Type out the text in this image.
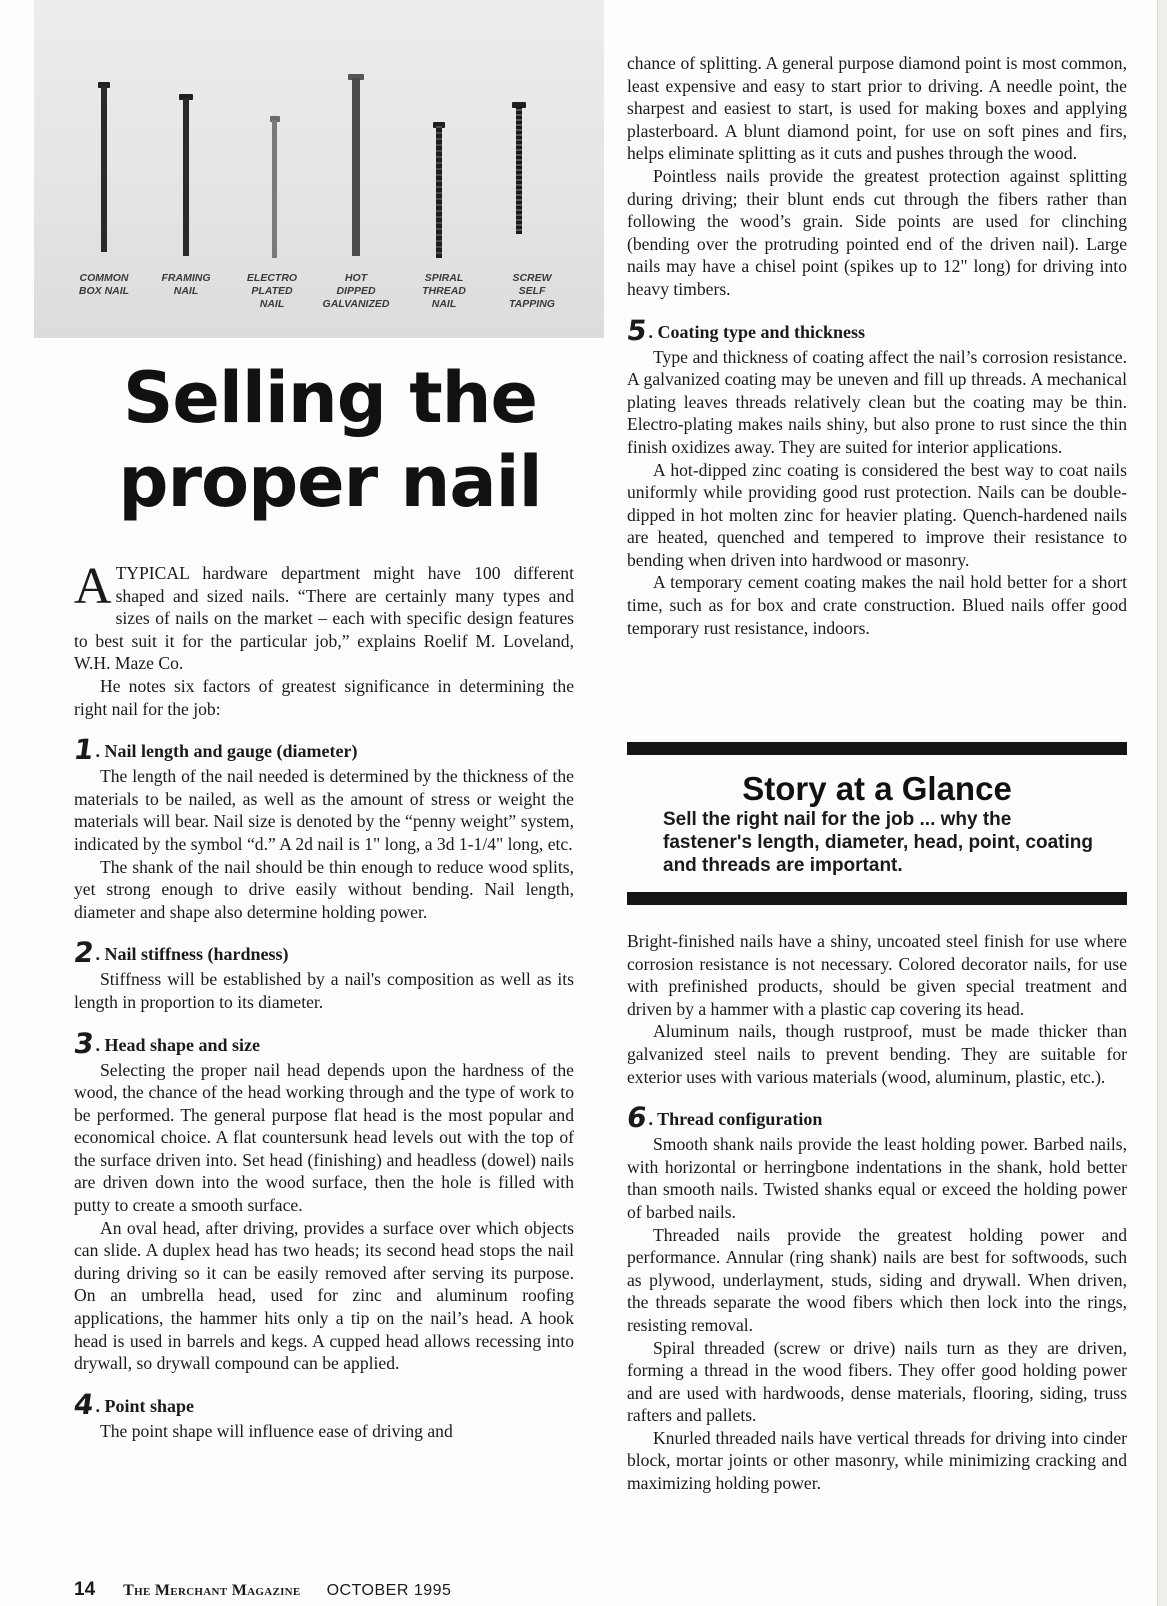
COMMON
BOX NAIL
FRAMING
NAIL
ELECTRO
PLATED
NAIL
HOT
DIPPED
GALVANIZED
SPIRAL
THREAD
NAIL
SCREW
SELF
TAPPING
Selling the proper nail

ATYPICAL hardware department might have 100 different shaped and sized nails. “There are certainly many types and sizes of nails on the market – each with specific design features to best suit it for the particular job,” explains Roelif M. Loveland, W.H. Maze Co.

He notes six factors of greatest significance in determining the right nail for the job:

1. Nail length and gauge (diameter)

The length of the nail needed is determined by the thickness of the materials to be nailed, as well as the amount of stress or weight the materials will bear. Nail size is denoted by the “penny weight” system, indicated by the symbol “d.” A 2d nail is 1" long, a 3d 1-1/4" long, etc.

The shank of the nail should be thin enough to reduce wood splits, yet strong enough to drive easily without bending. Nail length, diameter and shape also determine holding power.

2. Nail stiffness (hardness)

Stiffness will be established by a nail's composition as well as its length in proportion to its diameter.

3. Head shape and size

Selecting the proper nail head depends upon the hardness of the wood, the chance of the head working through and the type of work to be performed. The general purpose flat head is the most popular and economical choice. A flat countersunk head levels out with the top of the surface driven into. Set head (finishing) and headless (dowel) nails are driven down into the wood surface, then the hole is filled with putty to create a smooth surface.

An oval head, after driving, provides a surface over which objects can slide. A duplex head has two heads; its second head stops the nail during driving so it can be easily removed after serving its purpose. On an umbrella head, used for zinc and aluminum roofing applications, the hammer hits only a tip on the nail’s head. A hook head is used in barrels and kegs. A cupped head allows recessing into drywall, so drywall compound can be applied.

4. Point shape

The point shape will influence ease of driving and

chance of splitting. A general purpose diamond point is most common, least expensive and easy to start prior to driving. A needle point, the sharpest and easiest to start, is used for making boxes and applying plasterboard. A blunt diamond point, for use on soft pines and firs, helps eliminate splitting as it cuts and pushes through the wood.

Pointless nails provide the greatest protection against splitting during driving; their blunt ends cut through the fibers rather than following the wood’s grain. Side points are used for clinching (bending over the protruding pointed end of the driven nail). Large nails may have a chisel point (spikes up to 12" long) for driving into heavy timbers.

5. Coating type and thickness

Type and thickness of coating affect the nail’s corrosion resistance. A galvanized coating may be uneven and fill up threads. A mechanical plating leaves threads relatively clean but the coating may be thin. Electro-plating makes nails shiny, but also prone to rust since the thin finish oxidizes away. They are suited for interior applications.

A hot-dipped zinc coating is considered the best way to coat nails uniformly while providing good rust protection. Nails can be double-dipped in hot molten zinc for heavier plating. Quench-hardened nails are heated, quenched and tempered to improve their resistance to bending when driven into hardwood or masonry.

A temporary cement coating makes the nail hold better for a short time, such as for box and crate construction. Blued nails offer good temporary rust resistance, indoors.

Story at a Glance
Sell the right nail for the job ... why the fastener's length, diameter, head, point, coating and threads are important.

Bright-finished nails have a shiny, uncoated steel finish for use where corrosion resistance is not necessary. Colored decorator nails, for use with prefinished products, should be given special treatment and driven by a hammer with a plastic cap covering its head.

Aluminum nails, though rustproof, must be made thicker than galvanized steel nails to prevent bending. They are suitable for exterior uses with various materials (wood, aluminum, plastic, etc.).

6. Thread configuration

Smooth shank nails provide the least holding power. Barbed nails, with horizontal or herringbone indentations in the shank, hold better than smooth nails. Twisted shanks equal or exceed the holding power of barbed nails.

Threaded nails provide the greatest holding power and performance. Annular (ring shank) nails are best for softwoods, such as plywood, underlayment, studs, siding and drywall. When driven, the threads separate the wood fibers which then lock into the rings, resisting removal.

Spiral threaded (screw or drive) nails turn as they are driven, forming a thread in the wood fibers. They offer good holding power and are used with hardwoods, dense materials, flooring, siding, truss rafters and pallets.

Knurled threaded nails have vertical threads for driving into cinder block, mortar joints or other masonry, while minimizing cracking and maximizing holding power.

14 The Merchant Magazine OCTOBER 1995
